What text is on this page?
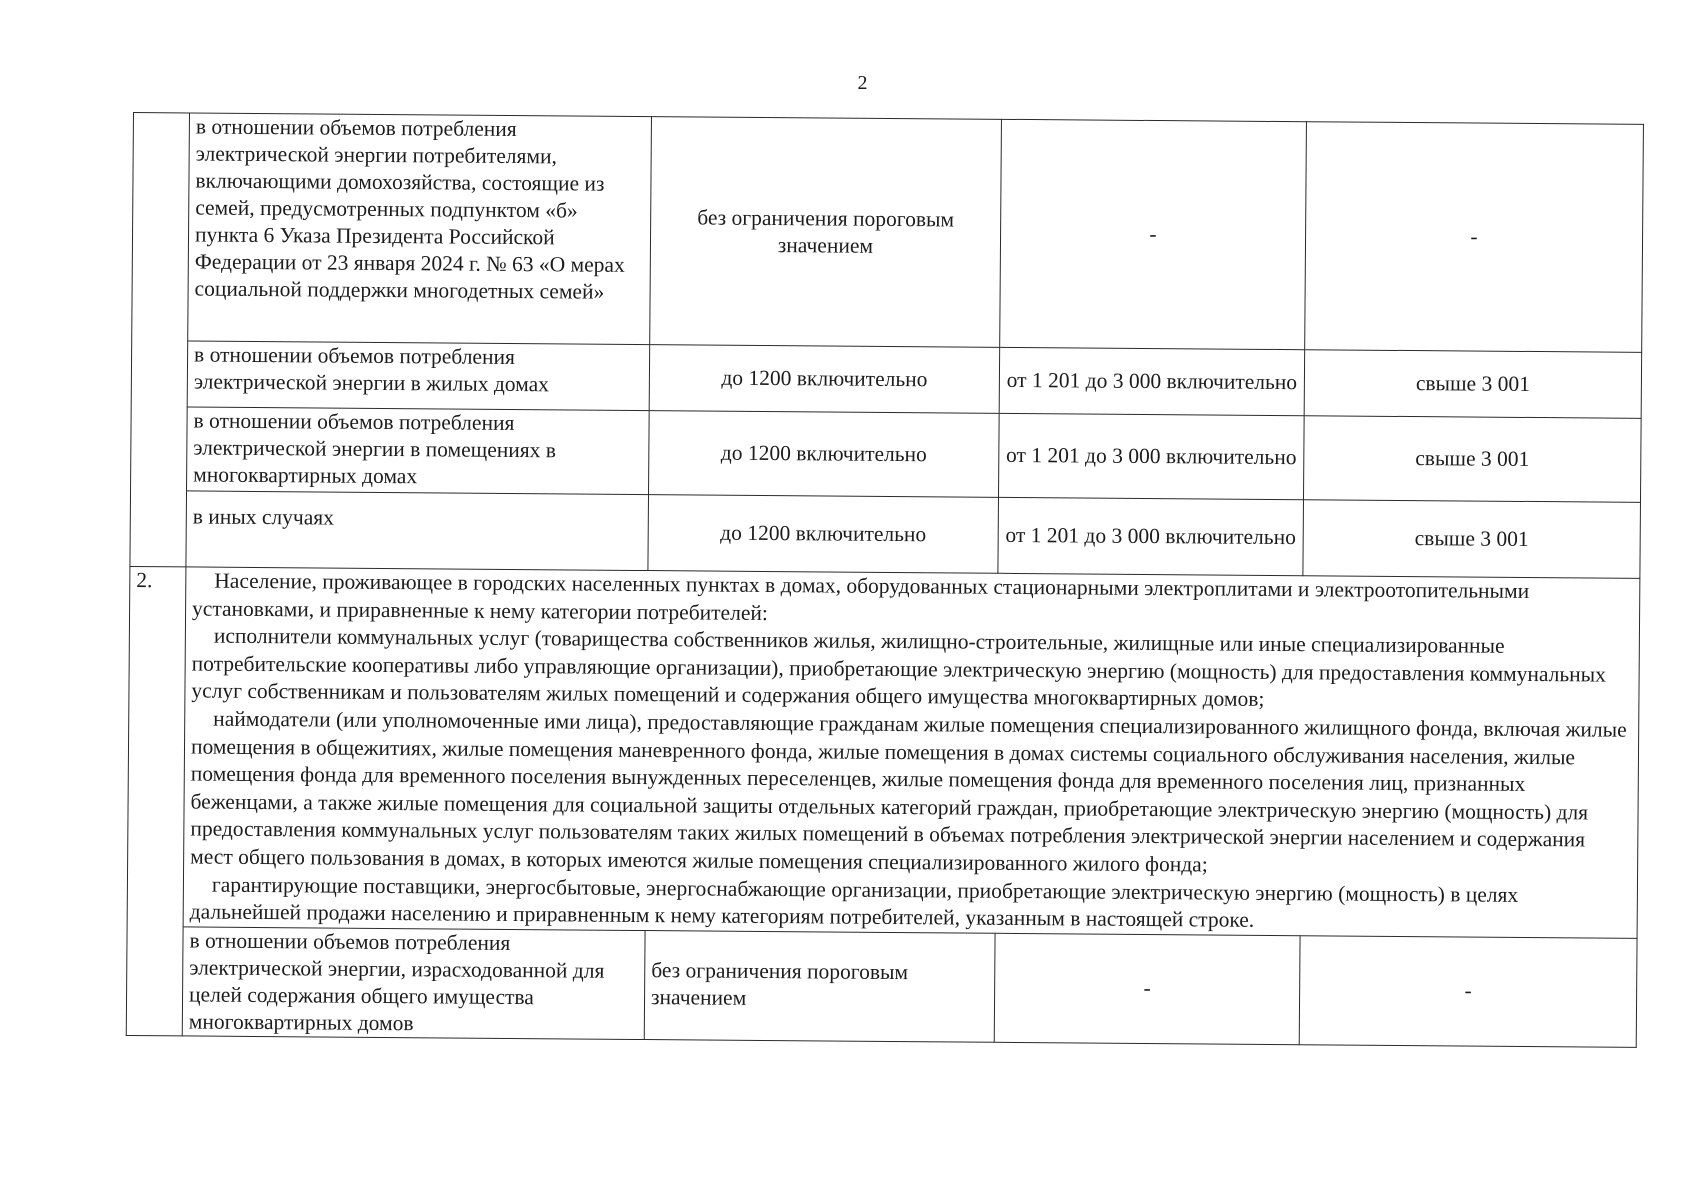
2
	в отношении объемов потребления электрической энергии потребителями, включающими домохозяйства, состоящие из семей, предусмотренных подпунктом «б» пункта 6 Указа Президента Российской Федерации от 23 января 2024 г. № 63 «О мерах социальной поддержки многодетных семей»	без ограничения пороговым значением	-	-
	в отношении объемов потребления электрической энергии в жилых домах	до 1200 включительно	от 1 201 до 3 000 включительно	свыше 3 001
	в отношении объемов потребления электрической энергии в помещениях в многоквартирных домах	до 1200 включительно	от 1 201 до 3 000 включительно	свыше 3 001
	в иных случаях	до 1200 включительно	от 1 201 до 3 000 включительно	свыше 3 001
2.	Население, проживающее в городских населенных пунктах в домах, оборудованных стационарными электроплитами и электроотопительными установками, и приравненные к нему категории потребителей:

исполнители коммунальных услуг (товарищества собственников жилья, жилищно-строительные, жилищные или иные специализированные потребительские кооперативы либо управляющие организации), приобретающие электрическую энергию (мощность) для предоставления коммунальных услуг собственникам и пользователям жилых помещений и содержания общего имущества многоквартирных домов;

наймодатели (или уполномоченные ими лица), предоставляющие гражданам жилые помещения специализированного жилищного фонда, включая жилые помещения в общежитиях, жилые помещения маневренного фонда, жилые помещения в домах системы социального обслуживания населения, жилые помещения фонда для временного поселения вынужденных переселенцев, жилые помещения фонда для временного поселения лиц, признанных беженцами, а также жилые помещения для социальной защиты отдельных категорий граждан, приобретающие электрическую энергию (мощность) для предоставления коммунальных услуг пользователям таких жилых помещений в объемах потребления электрической энергии населением и содержания мест общего пользования в домах, в которых имеются жилые помещения специализированного жилого фонда;

гарантирующие поставщики, энергосбытовые, энергоснабжающие организации, приобретающие электрическую энергию (мощность) в целях дальнейшей продажи населению и приравненным к нему категориям потребителей, указанным в настоящей строке.			

	в отношении объемов потребления электрической энергии, израсходованной для целей содержания общего имущества многоквартирных домов	без ограничения пороговым значением	-	-
